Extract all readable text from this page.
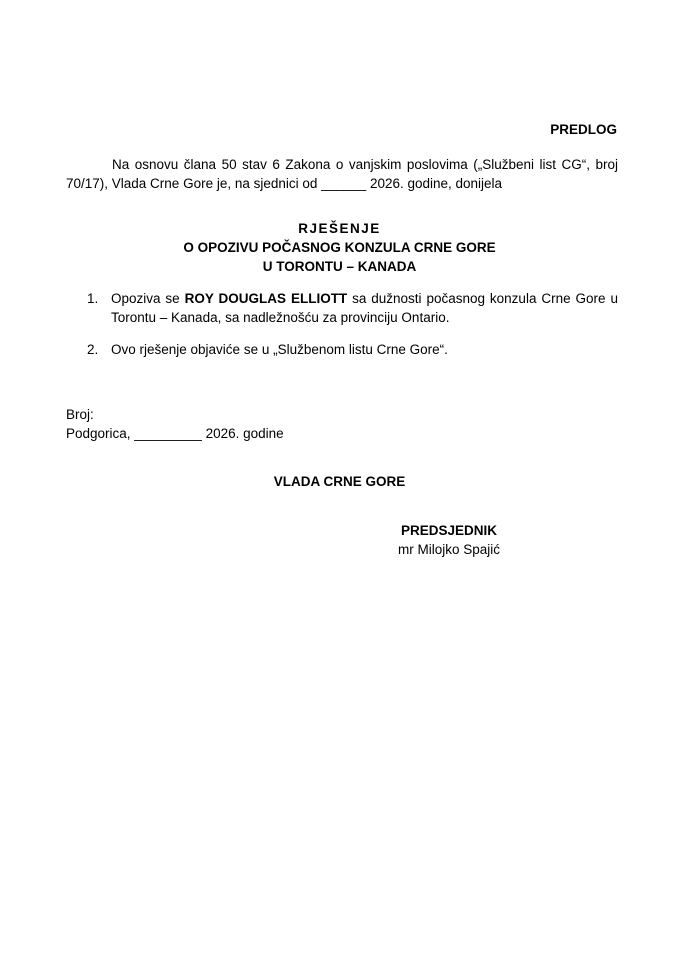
PREDLOG
Na osnovu člana 50 stav 6 Zakona o vanjskim poslovima („Službeni list CG“, broj 70/17), Vlada Crne Gore je, na sjednici od ______ 2026. godine, donijela
RJEŠENJE
O OPOZIVU POČASNOG KONZULA CRNE GORE
U TORONTU – KANADA
1. Opoziva se ROY DOUGLAS ELLIOTT sa dužnosti počasnog konzula Crne Gore u Torontu – Kanada, sa nadležnošću za provinciju Ontario.
2. Ovo rješenje objaviće se u „Službenom listu Crne Gore“.
Broj:
Podgorica, _________ 2026. godine
VLADA CRNE GORE
PREDSJEDNIK
mr Milojko Spajić
